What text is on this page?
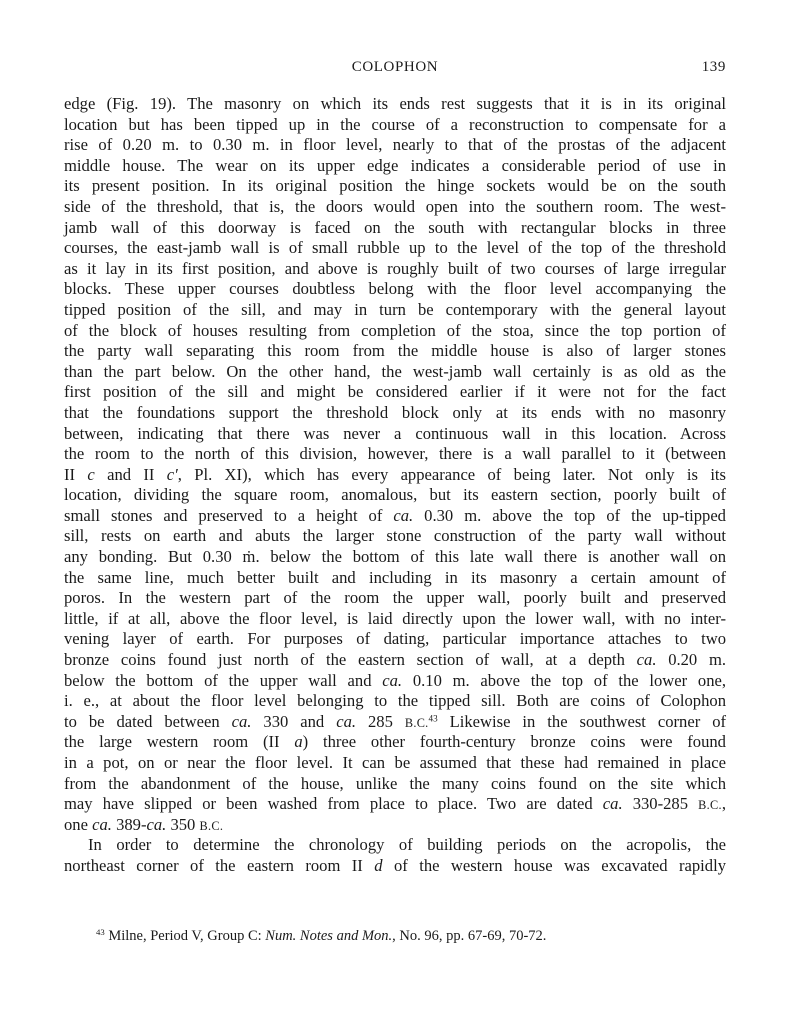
COLOPHON	139
edge (Fig. 19). The masonry on which its ends rest suggests that it is in its original
location but has been tipped up in the course of a reconstruction to compensate for a
rise of 0.20 m. to 0.30 m. in floor level, nearly to that of the prostas of the adjacent
middle house. The wear on its upper edge indicates a considerable period of use in
its present position. In its original position the hinge sockets would be on the south
side of the threshold, that is, the doors would open into the southern room. The west-
jamb wall of this doorway is faced on the south with rectangular blocks in three
courses, the east-jamb wall is of small rubble up to the level of the top of the threshold
as it lay in its first position, and above is roughly built of two courses of large irregular
blocks. These upper courses doubtless belong with the floor level accompanying the
tipped position of the sill, and may in turn be contemporary with the general layout
of the block of houses resulting from completion of the stoa, since the top portion of
the party wall separating this room from the middle house is also of larger stones
than the part below. On the other hand, the west-jamb wall certainly is as old as the
first position of the sill and might be considered earlier if it were not for the fact
that the foundations support the threshold block only at its ends with no masonry
between, indicating that there was never a continuous wall in this location. Across
the room to the north of this division, however, there is a wall parallel to it (between
II c and II c′, Pl. XI), which has every appearance of being later. Not only is its
location, dividing the square room, anomalous, but its eastern section, poorly built of
small stones and preserved to a height of ca. 0.30 m. above the top of the up-tipped
sill, rests on earth and abuts the larger stone construction of the party wall without
any bonding. But 0.30 ṁ. below the bottom of this late wall there is another wall on
the same line, much better built and including in its masonry a certain amount of
poros. In the western part of the room the upper wall, poorly built and preserved
little, if at all, above the floor level, is laid directly upon the lower wall, with no inter-
vening layer of earth. For purposes of dating, particular importance attaches to two
bronze coins found just north of the eastern section of wall, at a depth ca. 0.20 m.
below the bottom of the upper wall and ca. 0.10 m. above the top of the lower one,
i. e., at about the floor level belonging to the tipped sill. Both are coins of Colophon
to be dated between ca. 330 and ca. 285 B.C.$^{43}$ Likewise in the southwest corner of
the large western room (II a) three other fourth-century bronze coins were found
in a pot, on or near the floor level. It can be assumed that these had remained in place
from the abandonment of the house, unlike the many coins found on the site which
may have slipped or been washed from place to place. Two are dated ca. 330-285 B.C.,
one ca. 389-ca. 350 B.C.
In order to determine the chronology of building periods on the acropolis, the
northeast corner of the eastern room II d of the western house was excavated rapidly
$^{43}$ Milne, Period V, Group C: Num. Notes and Mon., No. 96, pp. 67-69, 70-72.
